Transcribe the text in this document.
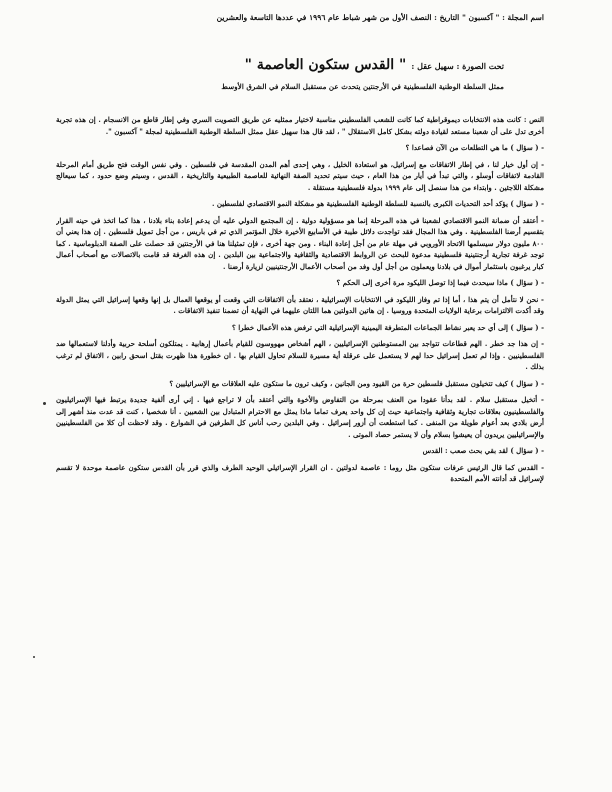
اسم المجلة : " آكسبون " التاريخ : النصف الأول من شهر شباط عام ١٩٩٦ في عددها التاسعة والعشرين
تحت الصورة : سهيل عقل : " القدس ستكون العاصمة "
ممثل السلطة الوطنية الفلسطينية في الأرجنتين يتحدث عن مستقبل السلام في الشرق الأوسط

النص : كانت هذه الانتخابات ديموقراطية كما كانت للشعب الفلسطيني مناسبة لاختيار ممثليه عن طريق التصويت السري وفي إطار قاطع من الانسجام . إن هذه تجربة أخرى تدل على أن شعبنا مستعد لقيادة دولته بشكل كامل الاستقلال " ، لقد قال هذا سهيل عقل ممثل السلطة الوطنية الفلسطينية لمجلة " آكسبون ".

- ( سؤال ) ما هي التطلعات من الآن فصاعدا ؟

- إن أول خيار لنا ، في إطار الاتفاقات مع إسرائيل، هو استعادة الخليل ، وهي إحدى أهم المدن المقدسة في فلسطين . وفي نفس الوقت فتح طريق أمام المرحلة القادمة لاتفاقات أوسلو ، والتي تبدأ في أيار من هذا العام ، حيث سيتم تحديد الصفة النهائية للعاصمة الطبيعية والتاريخية ، القدس ، وسيتم وضع حدود ، كما سيعالج مشكلة اللاجئين . وابتداء من هذا سنصل إلى عام ١٩٩٩ بدولة فلسطينية مستقلة .

- ( سؤال ) يؤكد أحد التحديات الكبرى بالنسبة للسلطة الوطنية الفلسطينية هو مشكلة النمو الاقتصادي لفلسطين .

- أعتقد أن ضمانة النمو الاقتصادي لشعبنا في هذه المرحلة إنما هو مسؤولية دولية . إن المجتمع الدولي عليه أن يدعم إعادة بناء بلادنا ، هذا كما اتخذ في حينه القرار بتقسيم أرضنا الفلسطينية . وفي هذا المجال فقد تواجدت دلائل طيبة في الأسابيع الأخيرة خلال المؤتمر الذي تم في باريس ، من أجل تمويل فلسطين . إن هذا يعني أن ٨٠٠ مليون دولار سيسلمها الاتحاد الأوروبي في مهلة عام من أجل إعادة البناء . ومن جهة أخرى ، فإن تمثيلنا هنا في الأرجنتين قد حصلت على الصفة الدبلوماسية . كما توجد غرفة تجارية أرجنتينية فلسطينية مدعوة للبحث عن الروابط الاقتصادية والثقافية والاجتماعية بين البلدين . إن هذه الغرفة قد قامت بالاتصالات مع أصحاب أعمال كبار يرغبون باستثمار أموال في بلادنا ويعملون من أجل أول وفد من أصحاب الأعمال الأرجنتينيين لزيارة أرضنا .

- ( سؤال ) ماذا سيحدث فيما إذا توصل الليكود مرة أخرى إلى الحكم ؟

- نحن لا نتأمل أن يتم هذا ، أما إذا تم وفاز الليكود في الانتخابات الإسرائيلية ، نعتقد بأن الاتفاقات التي وقعت أو يوقعها العمال بل إنها وقعها إسرائيل التي يمثل الدولة وقد أكدت الالتزامات برعاية الولايات المتحدة وروسيا . إن هاتين الدولتين هما اللتان عليهما في النهاية أن تضمنا تنفيذ الاتفاقات .

- ( سؤال ) إلى أي حد يعبر نشاط الجماعات المتطرفة اليمينية الإسرائيلية التي ترفض هذه الأعمال خطرا ؟

- إن هذا جد خطر . الهم قطاعات تتواجد بين المستوطنين الإسرائيليين ، الهم أشخاص مهووسون للقيام بأعمال إرهابية . يمتلكون أسلحة حربية وأدلنا لاستعمالها ضد الفلسطينيين . وإذا لم تعمل إسرائيل حدا لهم لا يستعمل على عرقلة أية مسيرة للسلام تحاول القيام بها . ان خطورة هذا ظهرت بقتل اسحق رابين ، الاتفاق لم ترغب بذلك .

- ( سؤال ) كيف تتخيلون مستقبل فلسطين حرة من القيود ومن الجانين ، وكيف ترون ما ستكون عليه العلاقات مع الإسرائيليين ؟

- أتخيل مستقبل سلام . لقد بدأنا عقودا من العنف بمرحلة من التفاوض والأخوة والتي أعتقد بأن لا تراجع فيها . إني أرى ألفية جديدة يرتبط فيها الإسرائيليون والفلسطينيون بعلاقات تجارية وثقافية واجتماعية حيث إن كل واحد يعرف تماما ماذا يمثل مع الاحترام المتبادل بين الشعبين . أنا شخصيا ، كنت قد عدت منذ أشهر إلى أرض بلادي بعد أعوام طويلة من المنفى . كما استطعت أن أزور إسرائيل . وفي البلدين رحب أناس كل الطرفين في الشوارع . وقد لاحظت أن كلا من الفلسطينيين والإسرائيليين يريدون أن يعيشوا بسلام وأن لا يستمر حصاد الموتى .

- ( سؤال ) لقد بقي بحث صعب : القدس

- القدس كما قال الرئيس عرفات ستكون مثل روما : عاصمة لدولتين . ان القرار الإسرائيلي الوحيد الطرف والذي قرر بأن القدس ستكون عاصمة موحدة لا تقسم لإسرائيل قد أدانته الأمم المتحدة
